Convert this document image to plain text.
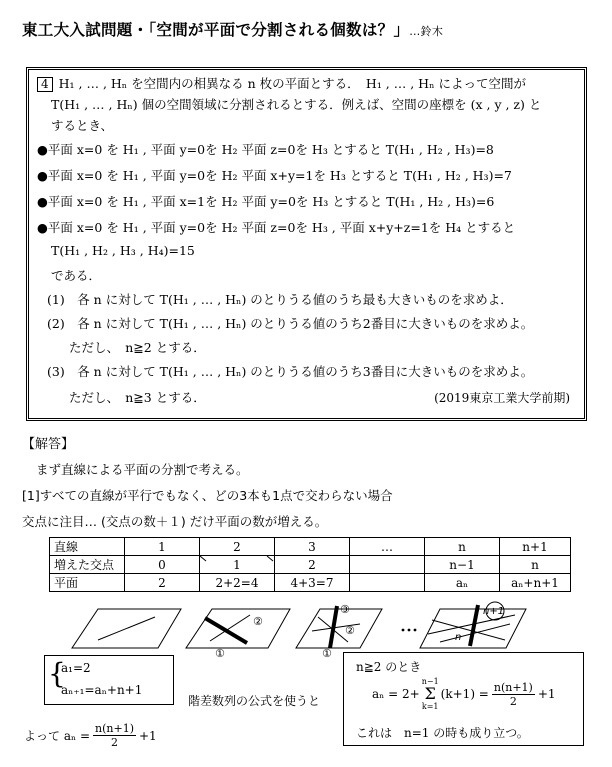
東工大入試問題・「空間が平面で分割される個数は？」…鈴木
4 H₁ , … , Hₙ を空間内の相異なる n 枚の平面とする．　H₁ , … , Hₙ によって空間が
T(H₁ , … , Hₙ) 個の空間領域に分割されるとする．例えば、空間の座標を (x , y , z) と
するとき、
●平面 x=0 を H₁ , 平面 y=0を H₂ 平面 z=0を H₃ とすると T(H₁ , H₂ , H₃)=8
●平面 x=0 を H₁ , 平面 y=0を H₂ 平面 x+y=1を H₃ とすると T(H₁ , H₂ , H₃)=7
●平面 x=0 を H₁ , 平面 x=1を H₂ 平面 y=0を H₃ とすると T(H₁ , H₂ , H₃)=6
●平面 x=0 を H₁ , 平面 y=0を H₂ 平面 z=0を H₃ , 平面 x+y+z=1を H₄ とすると
T(H₁ , H₂ , H₃ , H₄)=15
である．
(1)　各 n に対して T(H₁ , … , Hₙ) のとりうる値のうち最も大きいものを求めよ．
(2)　各 n に対して T(H₁ , … , Hₙ) のとりうる値のうち2番目に大きいものを求めよ。
ただし、　n≧2 とする．
(3)　各 n に対して T(H₁ , … , Hₙ) のとりうる値のうち3番目に大きいものを求めよ。
ただし、　n≧3 とする．	(2019東京工業大学前期)
【解答】
まず直線による平面の分割で考える。
[1]すべての直線が平行でもなく、どの3本も1点で交わらない場合
交点に注目… (交点の数＋１) だけ平面の数が増える。
直線	1	2	3	…	n	n+1
増えた交点	0	1	2		n−1	n
平面	2	2+2=4	4+3=7		aₙ	aₙ+n+1
①
②
①
②
③	n+1
n
{
a₁=2
aₙ₊₁=aₙ+n+1
階差数列の公式を使うと
n≧2 のとき
aₙ = 2+
n−1
Σ
k=1
$(k+1) = \frac{n(n+1)}{2} +1$
これは　n=1 の時も成り立つ。
よって $a_n = \frac{n(n+1)}{2} +1$
